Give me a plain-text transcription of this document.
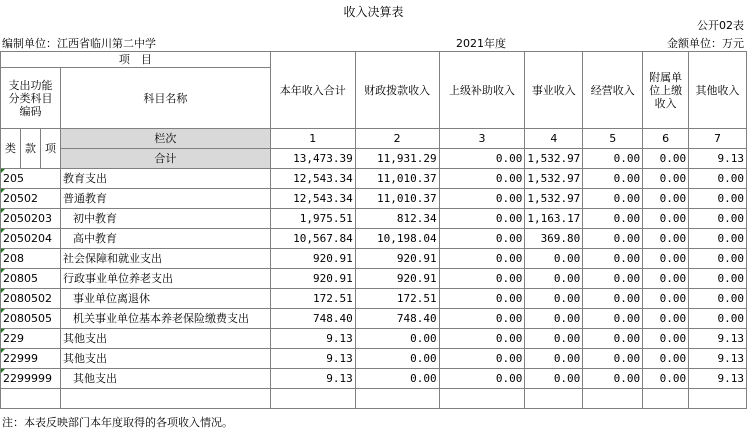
收入决算表
公开02表
编制单位：江西省临川第二中学	2021年度	金额单位：万元
项　目				本年收入合计	财政拨款收入	上级补助收入	事业收入	经营收入	附属单位上缴收入	其他收入
支出功能分类科目编码			科目名称							

类	款	项	栏次	1	2	3	4	5	6	7
			合计	13,473.39	11,931.29	0.00	1,532.97	0.00	0.00	9.13
205			教育支出	12,543.34	11,010.37	0.00	1,532.97	0.00	0.00	0.00
20502			普通教育	12,543.34	11,010.37	0.00	1,532.97	0.00	0.00	0.00
2050203			初中教育	1,975.51	812.34	0.00	1,163.17	0.00	0.00	0.00
2050204			高中教育	10,567.84	10,198.04	0.00	369.80	0.00	0.00	0.00
208			社会保障和就业支出	920.91	920.91	0.00	0.00	0.00	0.00	0.00
20805			行政事业单位养老支出	920.91	920.91	0.00	0.00	0.00	0.00	0.00
2080502			事业单位离退休	172.51	172.51	0.00	0.00	0.00	0.00	0.00
2080505			机关事业单位基本养老保险缴费支出	748.40	748.40	0.00	0.00	0.00	0.00	0.00
229			其他支出	9.13	0.00	0.00	0.00	0.00	0.00	9.13
22999			其他支出	9.13	0.00	0.00	0.00	0.00	0.00	9.13
2299999			其他支出	9.13	0.00	0.00	0.00	0.00	0.00	9.13

注：本表反映部门本年度取得的各项收入情况。
